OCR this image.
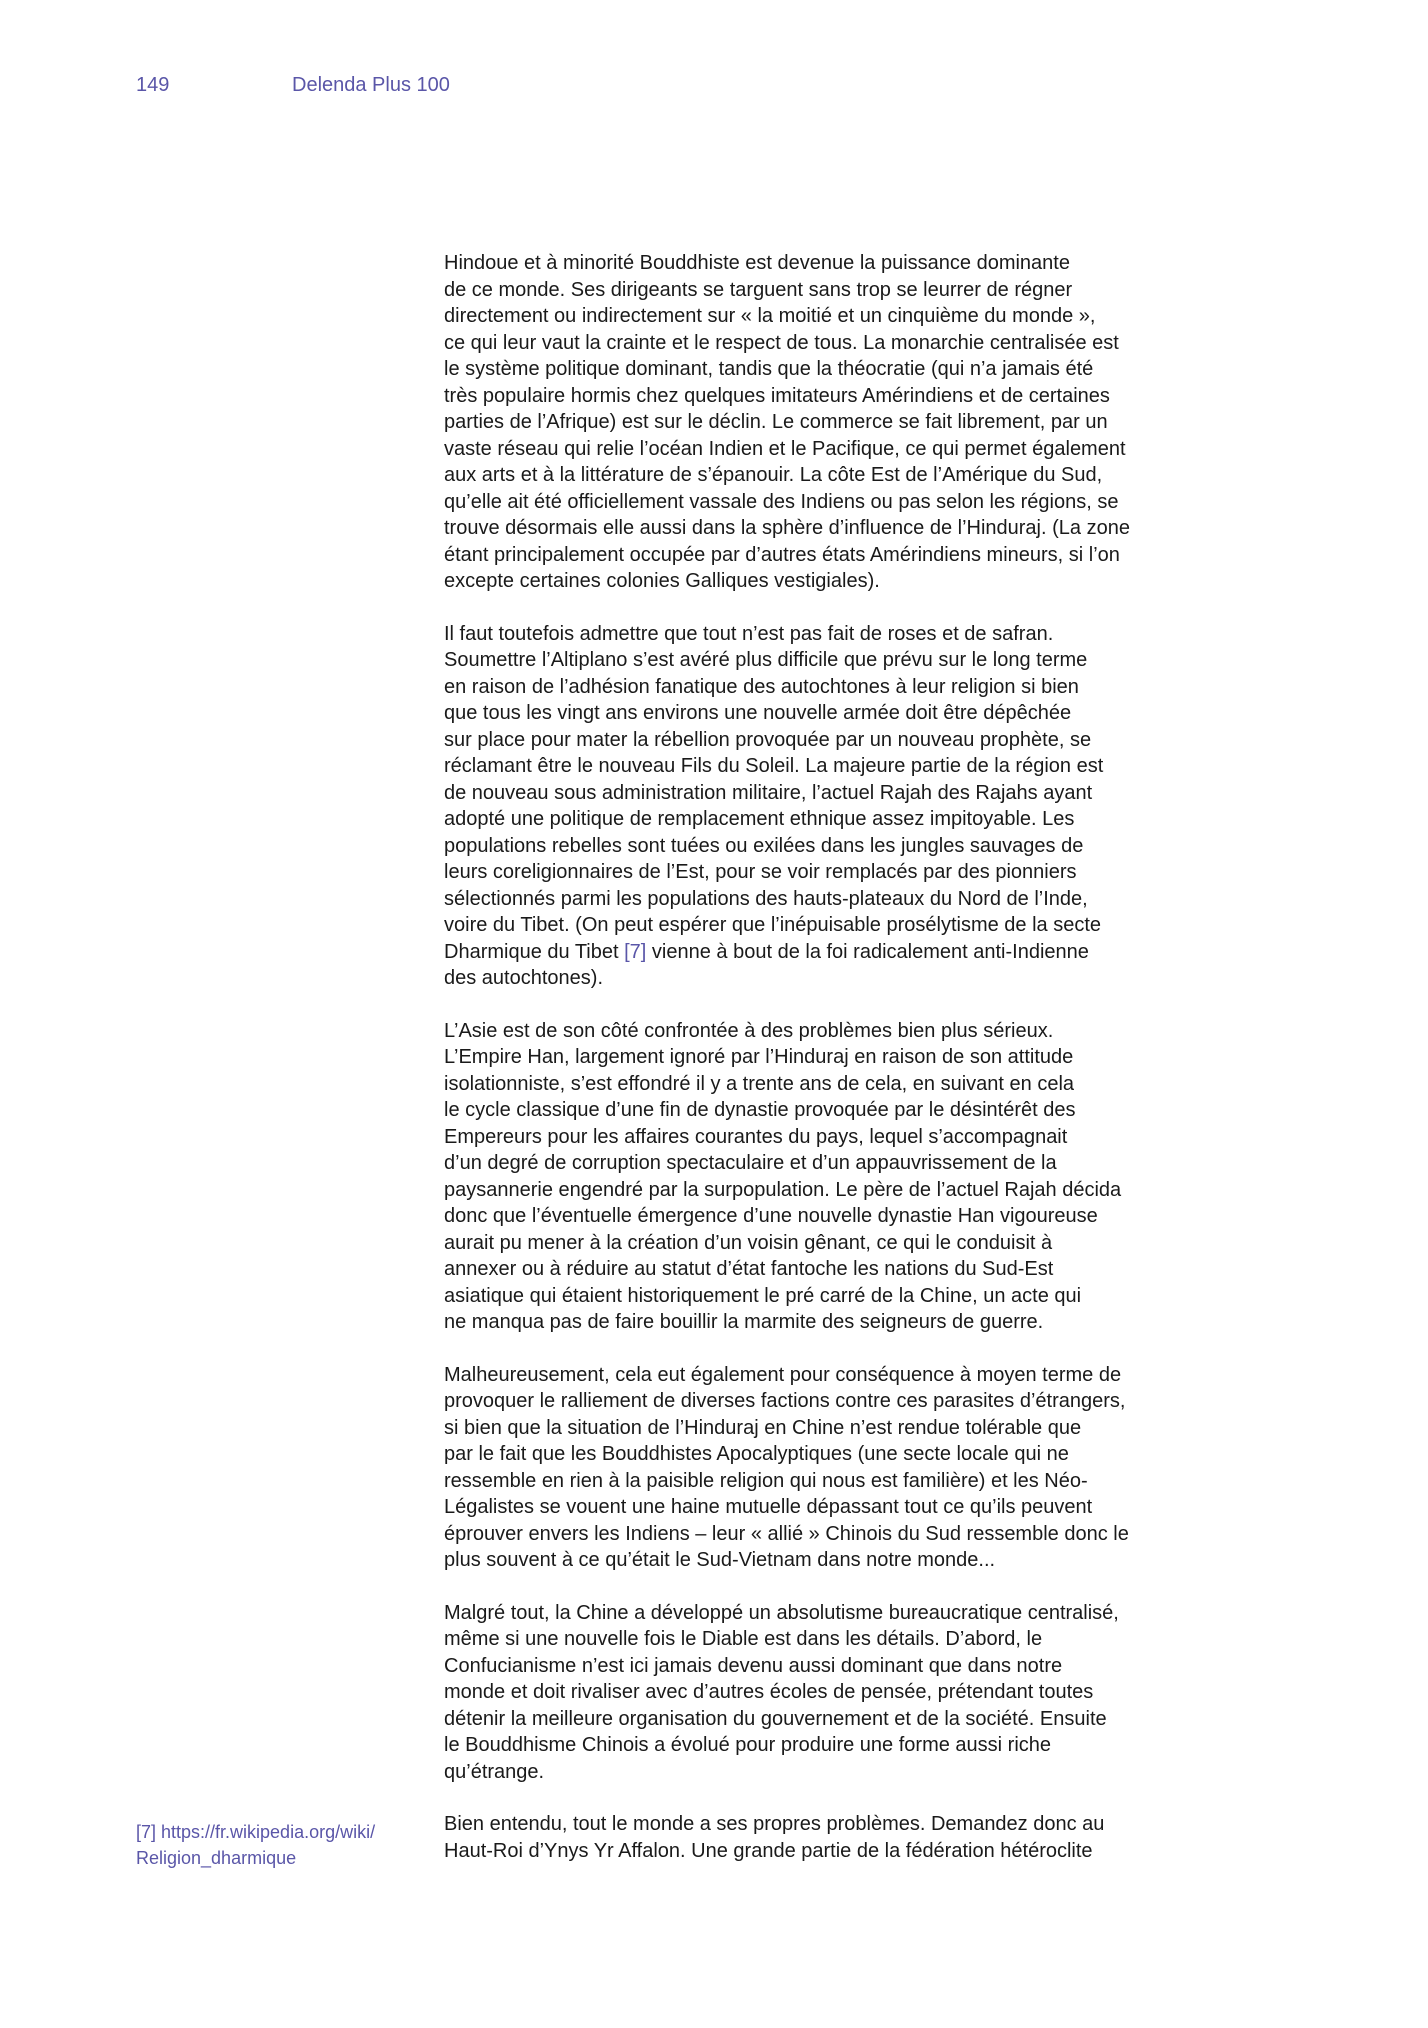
149	Delenda Plus 100

Hindoue et à minorité Bouddhiste est devenue la puissance dominante
de ce monde. Ses dirigeants se targuent sans trop se leurrer de régner
directement ou indirectement sur « la moitié et un cinquième du monde »,
ce qui leur vaut la crainte et le respect de tous. La monarchie centralisée est
le système politique dominant, tandis que la théocratie (qui n’a jamais été
très populaire hormis chez quelques imitateurs Amérindiens et de certaines
parties de l’Afrique) est sur le déclin. Le commerce se fait librement, par un
vaste réseau qui relie l’océan Indien et le Pacifique, ce qui permet également
aux arts et à la littérature de s’épanouir. La côte Est de l’Amérique du Sud,
qu’elle ait été officiellement vassale des Indiens ou pas selon les régions, se
trouve désormais elle aussi dans la sphère d’influence de l’Hinduraj. (La zone
étant principalement occupée par d’autres états Amérindiens mineurs, si l’on
excepte certaines colonies Galliques vestigiales).

Il faut toutefois admettre que tout n’est pas fait de roses et de safran.
Soumettre l’Altiplano s’est avéré plus difficile que prévu sur le long terme
en raison de l’adhésion fanatique des autochtones à leur religion si bien
que tous les vingt ans environs une nouvelle armée doit être dépêchée
sur place pour mater la rébellion provoquée par un nouveau prophète, se
réclamant être le nouveau Fils du Soleil. La majeure partie de la région est
de nouveau sous administration militaire, l’actuel Rajah des Rajahs ayant
adopté une politique de remplacement ethnique assez impitoyable. Les
populations rebelles sont tuées ou exilées dans les jungles sauvages de
leurs coreligionnaires de l’Est, pour se voir remplacés par des pionniers
sélectionnés parmi les populations des hauts-plateaux du Nord de l’Inde,
voire du Tibet. (On peut espérer que l’inépuisable prosélytisme de la secte
Dharmique du Tibet [7] vienne à bout de la foi radicalement anti-Indienne
des autochtones).

L’Asie est de son côté confrontée à des problèmes bien plus sérieux.
L’Empire Han, largement ignoré par l’Hinduraj en raison de son attitude
isolationniste, s’est effondré il y a trente ans de cela, en suivant en cela
le cycle classique d’une fin de dynastie provoquée par le désintérêt des
Empereurs pour les affaires courantes du pays, lequel s’accompagnait
d’un degré de corruption spectaculaire et d’un appauvrissement de la
paysannerie engendré par la surpopulation. Le père de l’actuel Rajah décida
donc que l’éventuelle émergence d’une nouvelle dynastie Han vigoureuse
aurait pu mener à la création d’un voisin gênant, ce qui le conduisit à
annexer ou à réduire au statut d’état fantoche les nations du Sud-Est
asiatique qui étaient historiquement le pré carré de la Chine, un acte qui
ne manqua pas de faire bouillir la marmite des seigneurs de guerre.

Malheureusement, cela eut également pour conséquence à moyen terme de
provoquer le ralliement de diverses factions contre ces parasites d’étrangers,
si bien que la situation de l’Hinduraj en Chine n’est rendue tolérable que
par le fait que les Bouddhistes Apocalyptiques (une secte locale qui ne
ressemble en rien à la paisible religion qui nous est familière) et les Néo-
Légalistes se vouent une haine mutuelle dépassant tout ce qu’ils peuvent
éprouver envers les Indiens – leur « allié » Chinois du Sud ressemble donc le
plus souvent à ce qu’était le Sud-Vietnam dans notre monde...

Malgré tout, la Chine a développé un absolutisme bureaucratique centralisé,
même si une nouvelle fois le Diable est dans les détails. D’abord, le
Confucianisme n’est ici jamais devenu aussi dominant que dans notre
monde et doit rivaliser avec d’autres écoles de pensée, prétendant toutes
détenir la meilleure organisation du gouvernement et de la société. Ensuite
le Bouddhisme Chinois a évolué pour produire une forme aussi riche
qu’étrange.

Bien entendu, tout le monde a ses propres problèmes. Demandez donc au
Haut-Roi d’Ynys Yr Affalon. Une grande partie de la fédération hétéroclite

[7] https://fr.wikipedia.org/wiki/
Religion_dharmique
